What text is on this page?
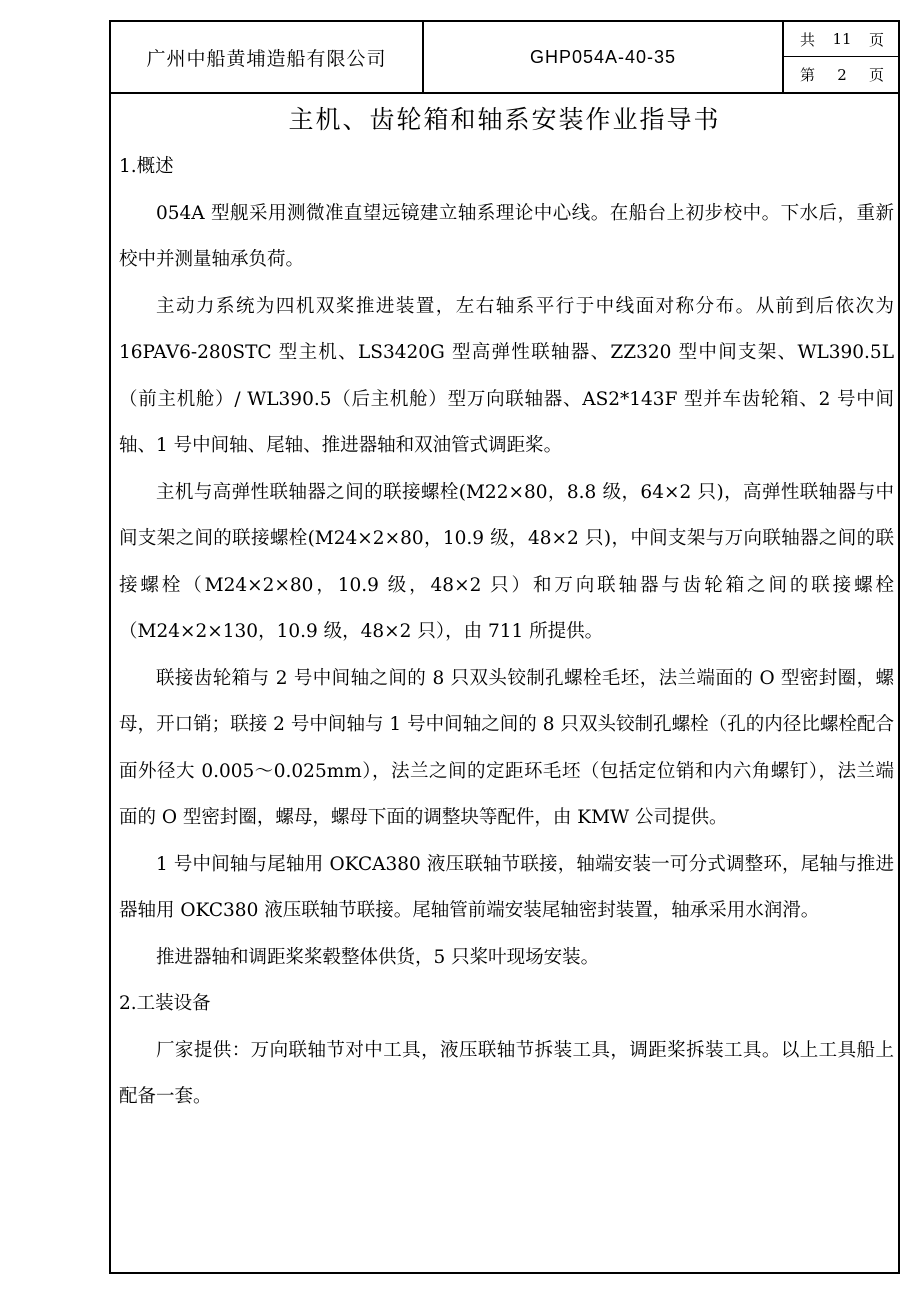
广州中船黄埔造船有限公司	GHP054A-40-35
共 11 页
第 2 页
主机、齿轮箱和轴系安装作业指导书

1.概述

054A 型舰采用测微准直望远镜建立轴系理论中心线。在船台上初步校中。下水后，重新校中并测量轴承负荷。

主动力系统为四机双桨推进装置，左右轴系平行于中线面对称分布。从前到后依次为 16PAV6-280STC 型主机、LS3420G 型高弹性联轴器、ZZ320 型中间支架、WL390.5L（前主机舱）/ WL390.5（后主机舱）型万向联轴器、AS2*143F 型并车齿轮箱、2 号中间轴、1 号中间轴、尾轴、推进器轴和双油管式调距桨。

主机与高弹性联轴器之间的联接螺栓(M22×80，8.8 级，64×2 只)，高弹性联轴器与中间支架之间的联接螺栓(M24×2×80，10.9 级，48×2 只)，中间支架与万向联轴器之间的联接螺栓（M24×2×80，10.9 级，48×2 只）和万向联轴器与齿轮箱之间的联接螺栓（M24×2×130，10.9 级，48×2 只），由 711 所提供。

联接齿轮箱与 2 号中间轴之间的 8 只双头铰制孔螺栓毛坯，法兰端面的 O 型密封圈，螺母，开口销；联接 2 号中间轴与 1 号中间轴之间的 8 只双头铰制孔螺栓（孔的内径比螺栓配合面外径大 0.005～0.025mm），法兰之间的定距环毛坯（包括定位销和内六角螺钉），法兰端面的 O 型密封圈，螺母，螺母下面的调整块等配件，由 KMW 公司提供。

1 号中间轴与尾轴用 OKCA380 液压联轴节联接，轴端安装一可分式调整环，尾轴与推进器轴用 OKC380 液压联轴节联接。尾轴管前端安装尾轴密封装置，轴承采用水润滑。

推进器轴和调距桨桨毂整体供货，5 只桨叶现场安装。

2.工装设备

厂家提供：万向联轴节对中工具，液压联轴节拆装工具，调距桨拆装工具。以上工具船上配备一套。
